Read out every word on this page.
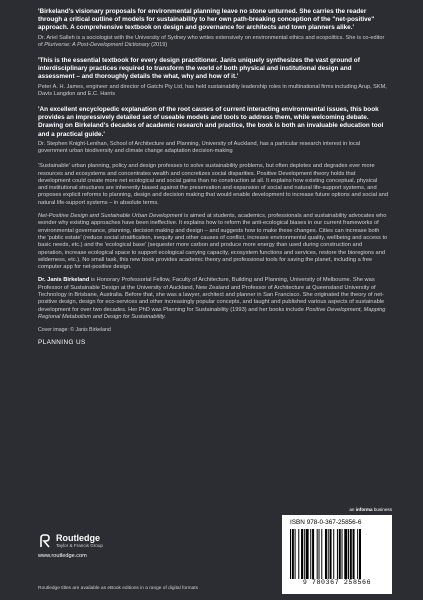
'Birkeland's visionary proposals for environmental planning leave no stone unturned. She carries the reader through a critical outline of models for sustainability to her own path-breaking conception of the "net-positive" approach. A comprehensive textbook on design and governance for architects and town planners alike.'

Dr. Ariel Salleh is a sociologist with the University of Sydney who writes extensively on environmental ethics and ecopolitics. She is co-editor of Pluriverse: A Post-Development Dictionary (2019)

'This is the essential textbook for every design practitioner. Janis uniquely synthesizes the vast ground of interdisciplinary practices required to transform the world of both physical and institutional design and assessment – and thoroughly details the what, why and how of it.'

Peter A. H. James, engineer and director of Gatchi Pty Ltd, has held sustainability leadership roles in multinational firms including Arup, SKM, Davis Langdon and E.C. Harris

'An excellent encyclopedic explanation of the root causes of current interacting environmental issues, this book provides an impressively detailed set of useable models and tools to address them, while welcoming debate. Drawing on Birkeland's decades of academic research and practice, the book is both an invaluable education tool and a practical guide.'

Dr. Stephen Knight-Lenihan, School of Architecture and Planning, University of Auckland, has a particular research interest in local government urban biodiversity and climate change adaptation decision-making

'Sustainable' urban planning, policy and design professes to solve sustainability problems, but often depletes and degrades ever more resources and ecosystems and concentrates wealth and concretizes social disparities. Positive Development theory holds that development could create more net ecological and social gains than no construction at all. It explains how existing conceptual, physical and institutional structures are inherently biased against the preservation and expansion of social and natural life-support systems, and proposes explicit reforms to planning, design and decision making that would enable development to increase future options and social and natural life-support systems – in absolute terms.

Net-Positive Design and Sustainable Urban Development is aimed at students, academics, professionals and sustainability advocates who wonder why existing approaches have been ineffective. It explains how to reform the anti-ecological biases in our current frameworks of environmental governance, planning, decision making and design – and suggests how to make these changes. Cities can increase both the 'public estate' (reduce social stratification, inequity and other causes of conflict, increase environmental quality, wellbeing and access to basic needs, etc.) and the 'ecological base' (sequester more carbon and produce more energy than used during construction and operation, increase ecological space to support ecological carrying capacity, ecosystem functions and services, restore the bioregions and wilderness, etc.). No small task, this new book provides academic theory and professional tools for saving the planet, including a free computer app for net-positive design.

Dr. Janis Birkeland is Honorary Professorial Fellow, Faculty of Architecture, Building and Planning, University of Melbourne. She was Professor of Sustainable Design at the University of Auckland, New Zealand and Professor of Architecture at Queensland University of Technology in Brisbane, Australia. Before that, she was a lawyer, architect and planner in San Francisco. She originated the theory of net-positive design, design for eco-services and other increasingly popular concepts, and taught and published various aspects of sustainable development for over two decades. Her PhD was Planning for Sustainability (1993) and her books include Positive Development, Mapping Regional Metabolism and Design for Sustainability.

Cover image: © Janis Birkeland

PLANNING US

Routledge
Taylor & Francis Group
www.routledge.com
Routledge titles are available as eBook editions in a range of digital formats
an informa business
ISBN 978-0-367-25856-6
9 780367 258566
